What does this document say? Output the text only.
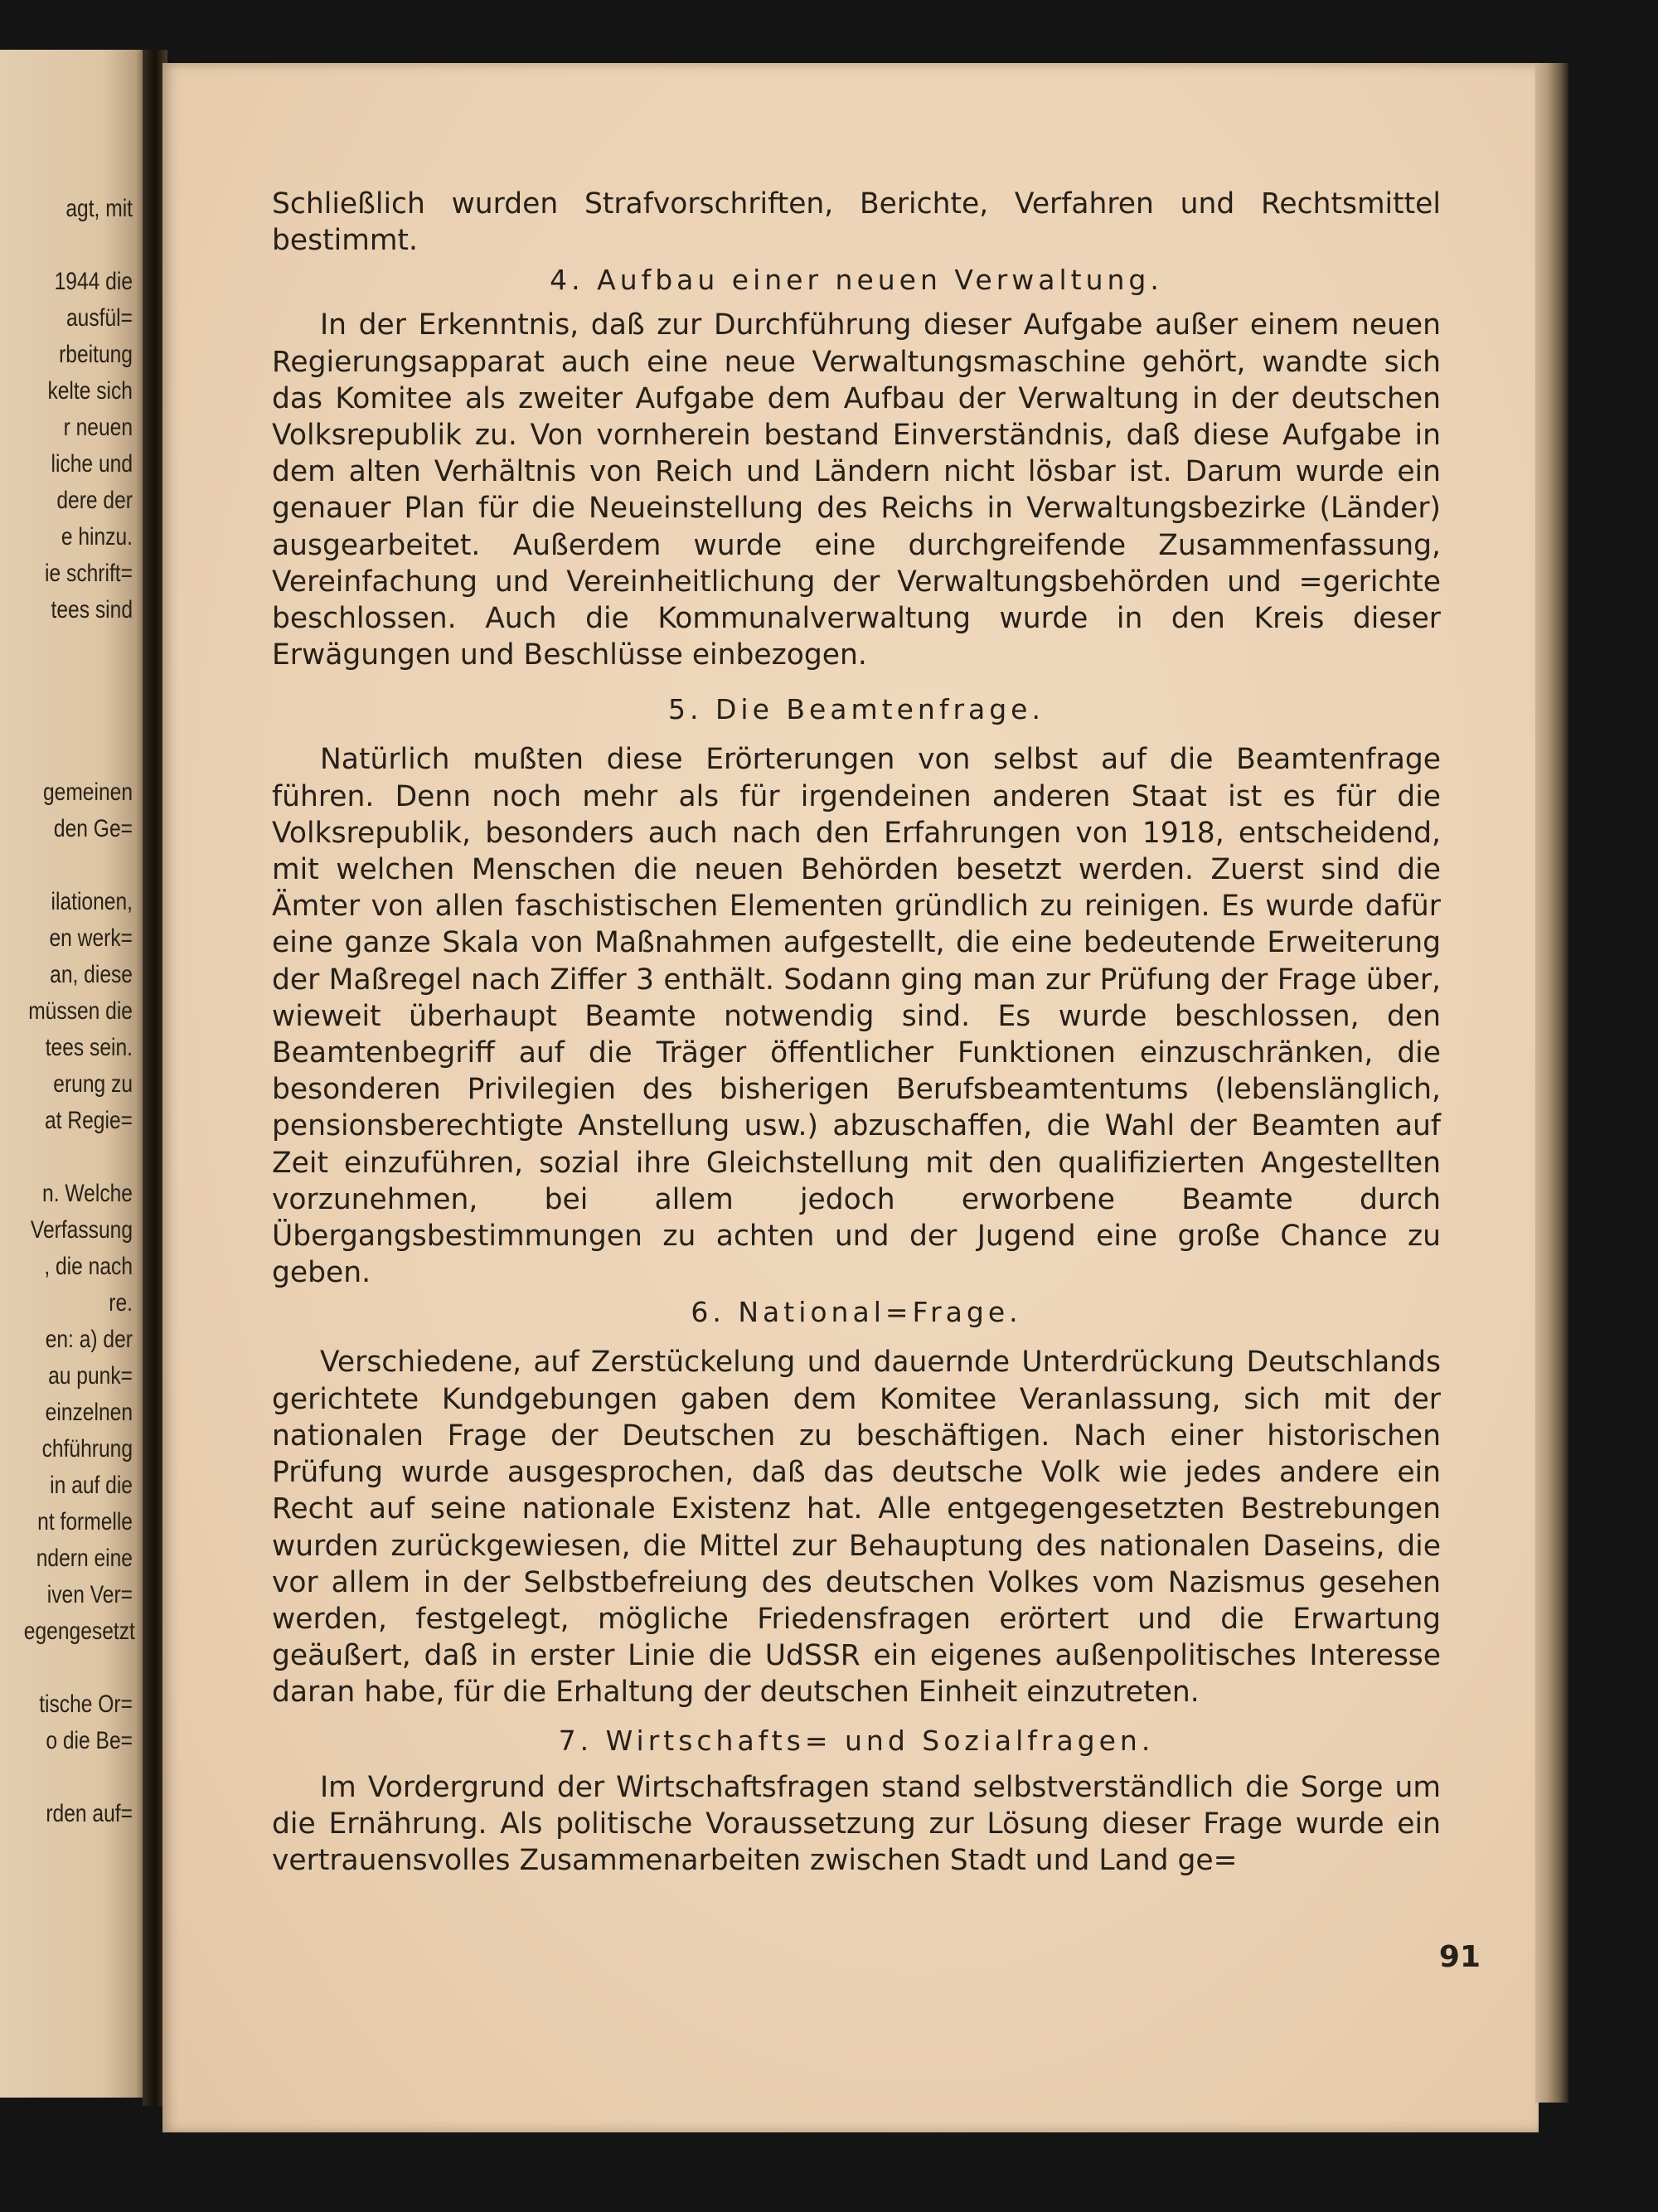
agt, mit
1944 die
ausfül=
rbeitung
kelte sich
r neuen
liche und
dere der
e hinzu.
ie schrift=
tees sind
gemeinen
den Ge=
ilationen,
en werk=
an, diese
müssen die
tees sein.
erung zu
at Regie=
n. Welche
Verfassung
, die nach
re.
en: a) der
au punk=
einzelnen
chführung
in auf die
nt formelle
ndern eine
iven Ver=
egengesetzt
tische Or=
o die Be=
rden auf=

Schließlich wurden Strafvorschriften, Berichte, Verfahren und Rechtsmittel bestimmt.

4. Aufbau einer neuen Verwaltung.

In der Erkenntnis, daß zur Durchführung dieser Aufgabe außer einem neuen Regierungsapparat auch eine neue Verwaltungsmaschine gehört, wandte sich das Komitee als zweiter Aufgabe dem Aufbau der Verwaltung in der deutschen Volksrepublik zu. Von vornherein bestand Einverständnis, daß diese Aufgabe in dem alten Verhältnis von Reich und Ländern nicht lösbar ist. Darum wurde ein genauer Plan für die Neueinstellung des Reichs in Verwaltungsbezirke (Länder) ausgearbeitet. Außerdem wurde eine durchgreifende Zusammenfassung, Vereinfachung und Vereinheitlichung der Verwaltungsbehörden und =gerichte beschlossen. Auch die Kommunalverwaltung wurde in den Kreis dieser Erwägungen und Beschlüsse einbezogen.

5. Die Beamtenfrage.

Natürlich mußten diese Erörterungen von selbst auf die Beamtenfrage führen. Denn noch mehr als für irgendeinen anderen Staat ist es für die Volksrepublik, besonders auch nach den Erfahrungen von 1918, entscheidend, mit welchen Menschen die neuen Behörden besetzt werden. Zuerst sind die Ämter von allen faschistischen Elementen gründlich zu reinigen. Es wurde dafür eine ganze Skala von Maßnahmen aufgestellt, die eine bedeutende Erweiterung der Maßregel nach Ziffer 3 enthält. Sodann ging man zur Prüfung der Frage über, wieweit überhaupt Beamte notwendig sind. Es wurde beschlossen, den Beamtenbegriff auf die Träger öffentlicher Funktionen einzuschränken, die besonderen Privilegien des bisherigen Berufsbeamtentums (lebenslänglich, pensionsberechtigte Anstellung usw.) abzuschaffen, die Wahl der Beamten auf Zeit einzuführen, sozial ihre Gleichstellung mit den qualifizierten Angestellten vorzunehmen, bei allem jedoch erworbene Beamte durch Übergangsbestimmungen zu achten und der Jugend eine große Chance zu geben.

6. National=Frage.

Verschiedene, auf Zerstückelung und dauernde Unterdrückung Deutschlands gerichtete Kundgebungen gaben dem Komitee Veranlassung, sich mit der nationalen Frage der Deutschen zu beschäftigen. Nach einer historischen Prüfung wurde ausgesprochen, daß das deutsche Volk wie jedes andere ein Recht auf seine nationale Existenz hat. Alle entgegengesetzten Bestrebungen wurden zurückgewiesen, die Mittel zur Behauptung des nationalen Daseins, die vor allem in der Selbstbefreiung des deutschen Volkes vom Nazismus gesehen werden, festgelegt, mögliche Friedensfragen erörtert und die Erwartung geäußert, daß in erster Linie die UdSSR ein eigenes außenpolitisches Interesse daran habe, für die Erhaltung der deutschen Einheit einzutreten.

7. Wirtschafts= und Sozialfragen.

Im Vordergrund der Wirtschaftsfragen stand selbstverständlich die Sorge um die Ernährung. Als politische Voraussetzung zur Lösung dieser Frage wurde ein vertrauensvolles Zusammenarbeiten zwischen Stadt und Land ge=

91
